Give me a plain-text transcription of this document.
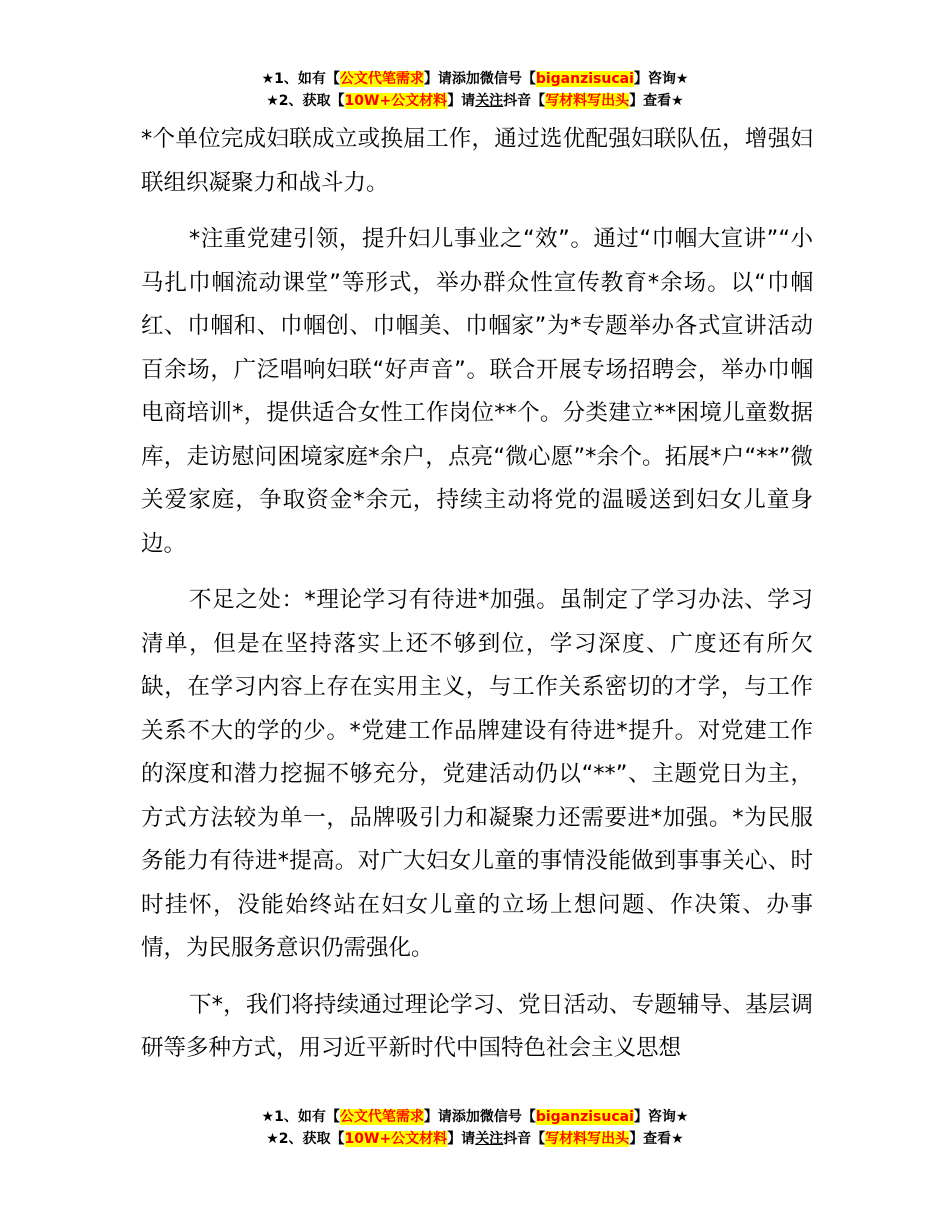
★1、如有【公文代笔需求】请添加微信号【biganzisucai】咨询★
★2、获取【10W+公文材料】请关注抖音【写材料写出头】查看★

*个单位完成妇联成立或换届工作，通过选优配强妇联队伍，增强妇联组织凝聚力和战斗力。

*注重党建引领，提升妇儿事业之“效”。通过“巾帼大宣讲”“小马扎巾帼流动课堂”等形式，举办群众性宣传教育*余场。以“巾帼红、巾帼和、巾帼创、巾帼美、巾帼家”为*专题举办各式宣讲活动百余场，广泛唱响妇联“好声音”。联合开展专场招聘会，举办巾帼电商培训*，提供适合女性工作岗位**个。分类建立**困境儿童数据库，走访慰问困境家庭*余户，点亮“微心愿”*余个。拓展*户“**”微关爱家庭，争取资金*余元，持续主动将党的温暖送到妇女儿童身边。

不足之处：*理论学习有待进*加强。虽制定了学习办法、学习清单，但是在坚持落实上还不够到位，学习深度、广度还有所欠缺，在学习内容上存在实用主义，与工作关系密切的才学，与工作关系不大的学的少。*党建工作品牌建设有待进*提升。对党建工作的深度和潜力挖掘不够充分，党建活动仍以“**”、主题党日为主，方式方法较为单一，品牌吸引力和凝聚力还需要进*加强。*为民服务能力有待进*提高。对广大妇女儿童的事情没能做到事事关心、时时挂怀，没能始终站在妇女儿童的立场上想问题、作决策、办事情，为民服务意识仍需强化。

下*，我们将持续通过理论学习、党日活动、专题辅导、基层调研等多种方式，用习近平新时代中国特色社会主义思想

★1、如有【公文代笔需求】请添加微信号【biganzisucai】咨询★
★2、获取【10W+公文材料】请关注抖音【写材料写出头】查看★
